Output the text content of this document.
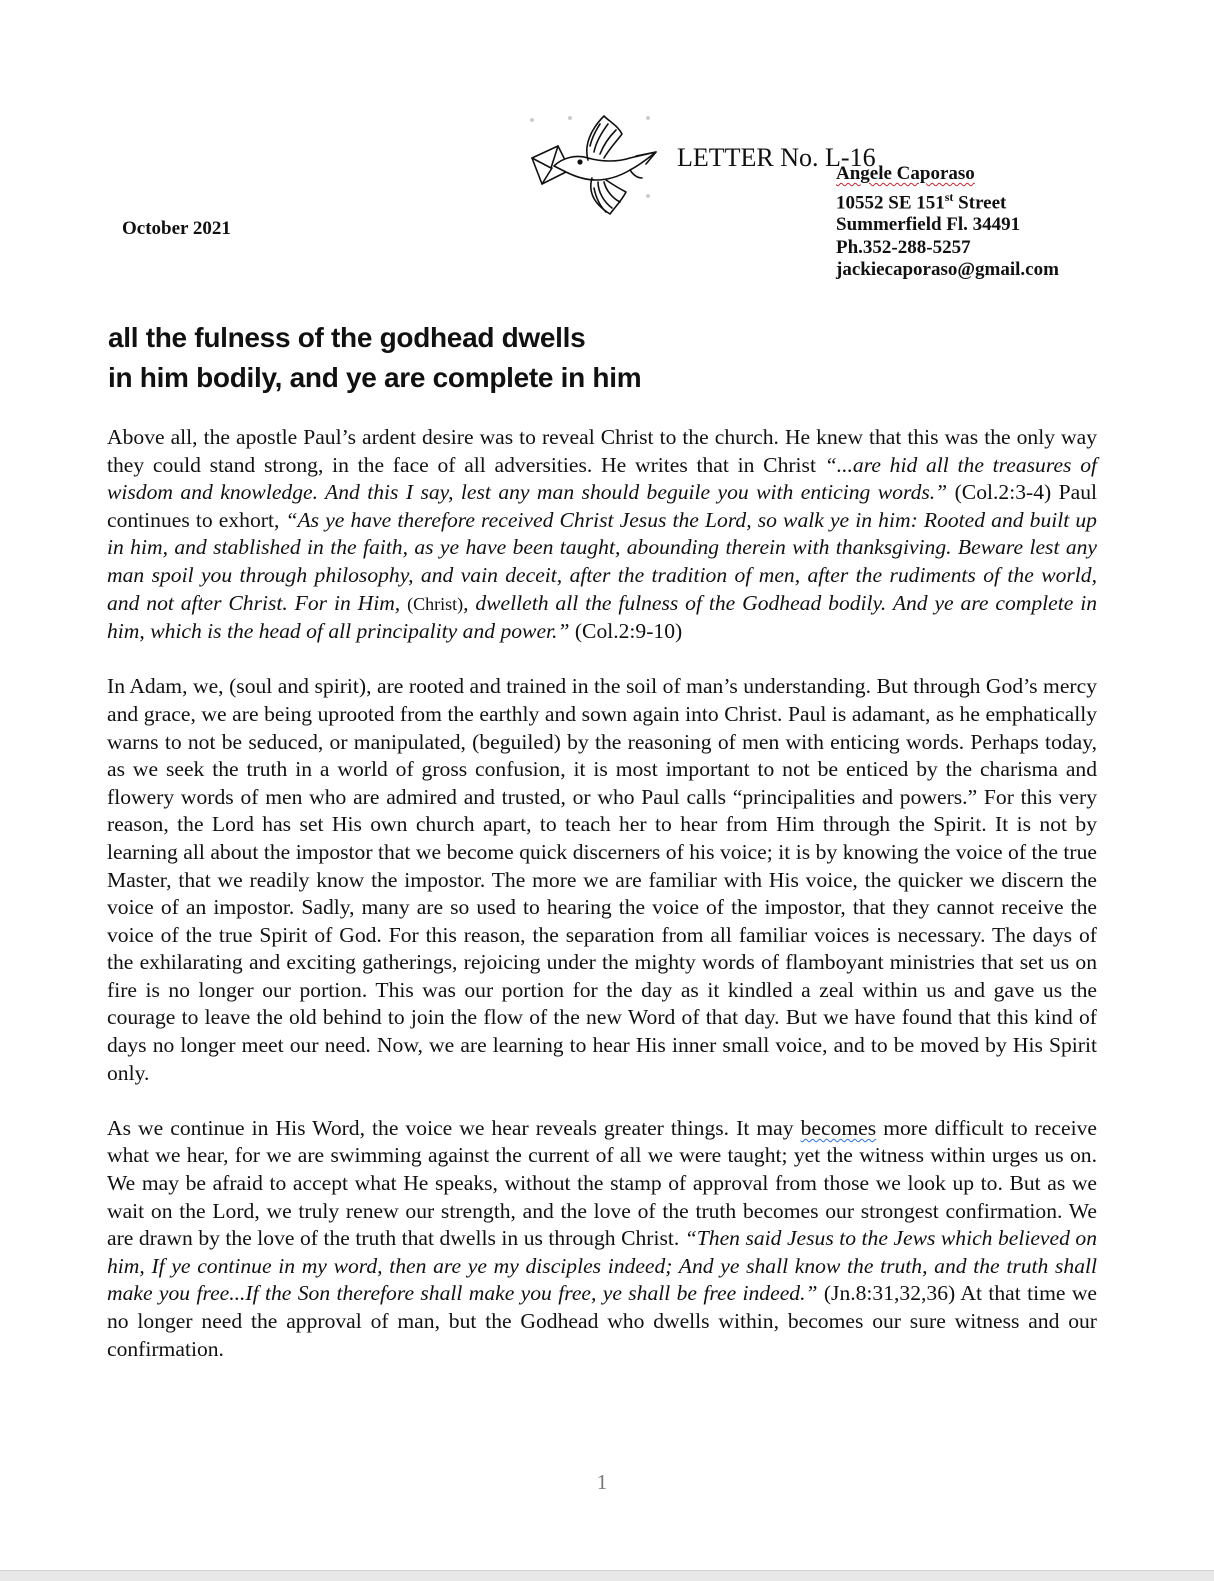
October 2021
LETTER No. L-16
Angele Caporaso
10552 SE 151st Street
Summerfield Fl. 34491
Ph.352-288-5257
jackiecaporaso@gmail.com
all the fulness of the godhead dwells
in him bodily, and ye are complete in him

Above all, the apostle Paul’s ardent desire was to reveal Christ to the church. He knew that this was the only way they could stand strong, in the face of all adversities. He writes that in Christ “...are hid all the treasures of wisdom and knowledge. And this I say, lest any man should beguile you with enticing words.” (Col.2:3-4) Paul continues to exhort, “As ye have therefore received Christ Jesus the Lord, so walk ye in him: Rooted and built up in him, and stablished in the faith, as ye have been taught, abounding therein with thanksgiving. Beware lest any man spoil you through philosophy, and vain deceit, after the tradition of men, after the rudiments of the world, and not after Christ. For in Him, (Christ), dwelleth all the fulness of the Godhead bodily. And ye are complete in him, which is the head of all principality and power.” (Col.2:9-10)

In Adam, we, (soul and spirit), are rooted and trained in the soil of man’s understanding. But through God’s mercy and grace, we are being uprooted from the earthly and sown again into Christ. Paul is adamant, as he emphatically warns to not be seduced, or manipulated, (beguiled) by the reasoning of men with enticing words. Perhaps today, as we seek the truth in a world of gross confusion, it is most important to not be enticed by the charisma and flowery words of men who are admired and trusted, or who Paul calls “principalities and powers.” For this very reason, the Lord has set His own church apart, to teach her to hear from Him through the Spirit. It is not by learning all about the impostor that we become quick discerners of his voice; it is by knowing the voice of the true Master, that we readily know the impostor. The more we are familiar with His voice, the quicker we discern the voice of an impostor. Sadly, many are so used to hearing the voice of the impostor, that they cannot receive the voice of the true Spirit of God. For this reason, the separation from all familiar voices is necessary. The days of the exhilarating and exciting gatherings, rejoicing under the mighty words of flamboyant ministries that set us on fire is no longer our portion. This was our portion for the day as it kindled a zeal within us and gave us the courage to leave the old behind to join the flow of the new Word of that day. But we have found that this kind of days no longer meet our need. Now, we are learning to hear His inner small voice, and to be moved by His Spirit only.

As we continue in His Word, the voice we hear reveals greater things. It may becomes more difficult to receive what we hear, for we are swimming against the current of all we were taught; yet the witness within urges us on. We may be afraid to accept what He speaks, without the stamp of approval from those we look up to. But as we wait on the Lord, we truly renew our strength, and the love of the truth becomes our strongest confirmation. We are drawn by the love of the truth that dwells in us through Christ. “Then said Jesus to the Jews which believed on him, If ye continue in my word, then are ye my disciples indeed; And ye shall know the truth, and the truth shall make you free...If the Son therefore shall make you free, ye shall be free indeed.” (Jn.8:31,32,36) At that time we no longer need the approval of man, but the Godhead who dwells within, becomes our sure witness and our confirmation.

1
